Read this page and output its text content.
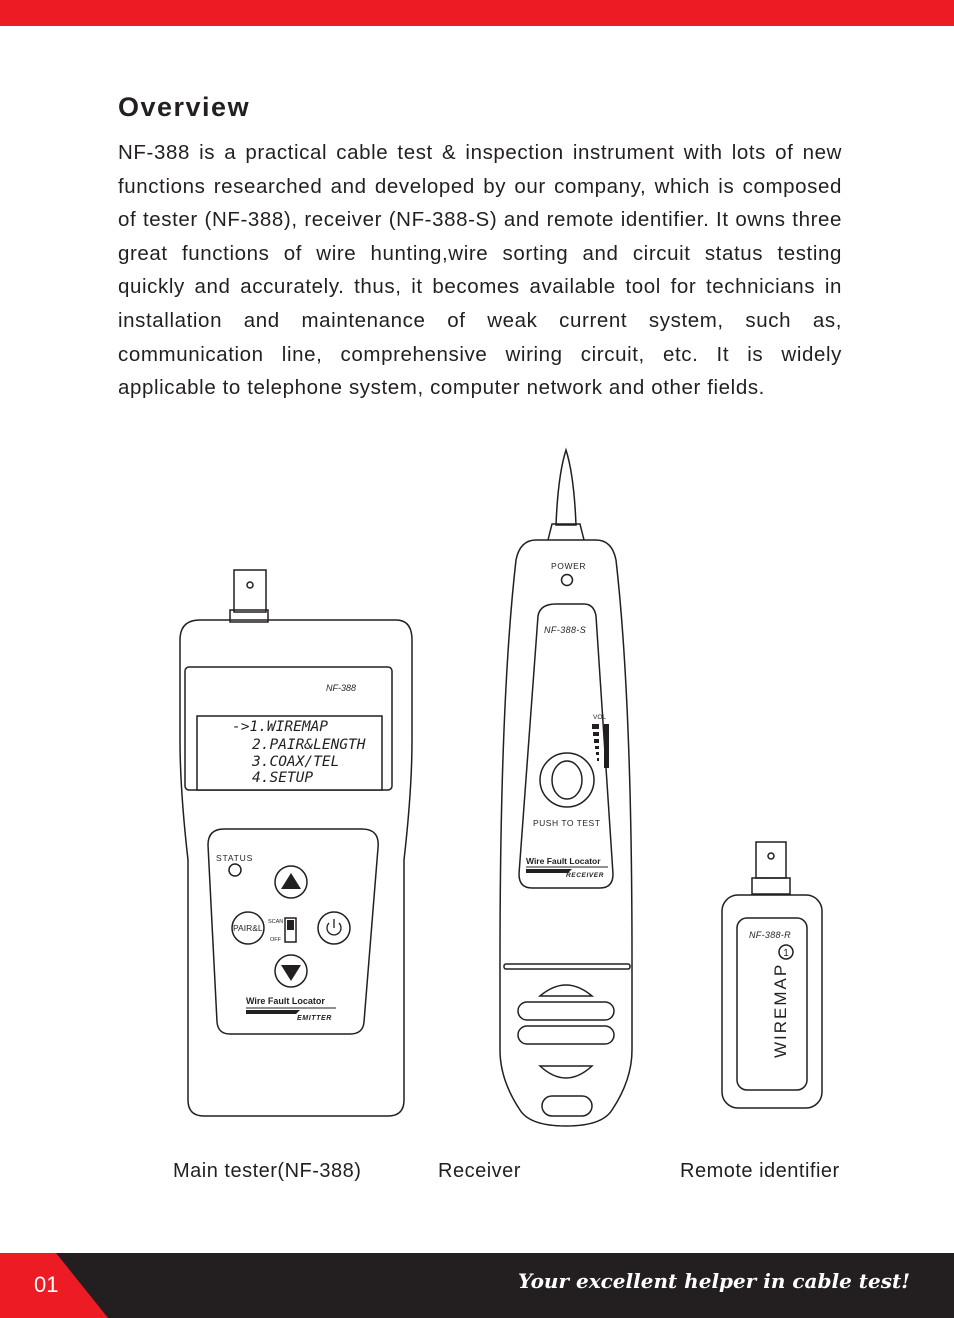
Overview

NF-388 is a practical cable test & inspection instrument with lots of new functions researched and developed by our company, which is composed of tester (NF-388), receiver (NF-388-S) and remote identifier. It owns three great functions of wire hunting,wire sorting and circuit status testing quickly and accurately. thus, it becomes available tool for technicians in installation and maintenance of weak current system, such as, communication line, comprehensive wiring circuit, etc. It is widely applicable to telephone system, computer network and other fields.

NF-388
->1.WIREMAP
2.PAIR&LENGTH
3.COAX/TEL
4.SETUP
STATUS
PAIR&L
SCAN
OFF
Wire Fault Locator
EMITTER
POWER
NF-388-S
VOL
PUSH TO TEST
Wire Fault Locator
RECEIVER
NF-388-R
1
WIREMAP
Main tester(NF-388)	Receiver	Remote identifier
01	Your excellent helper in cable test!
